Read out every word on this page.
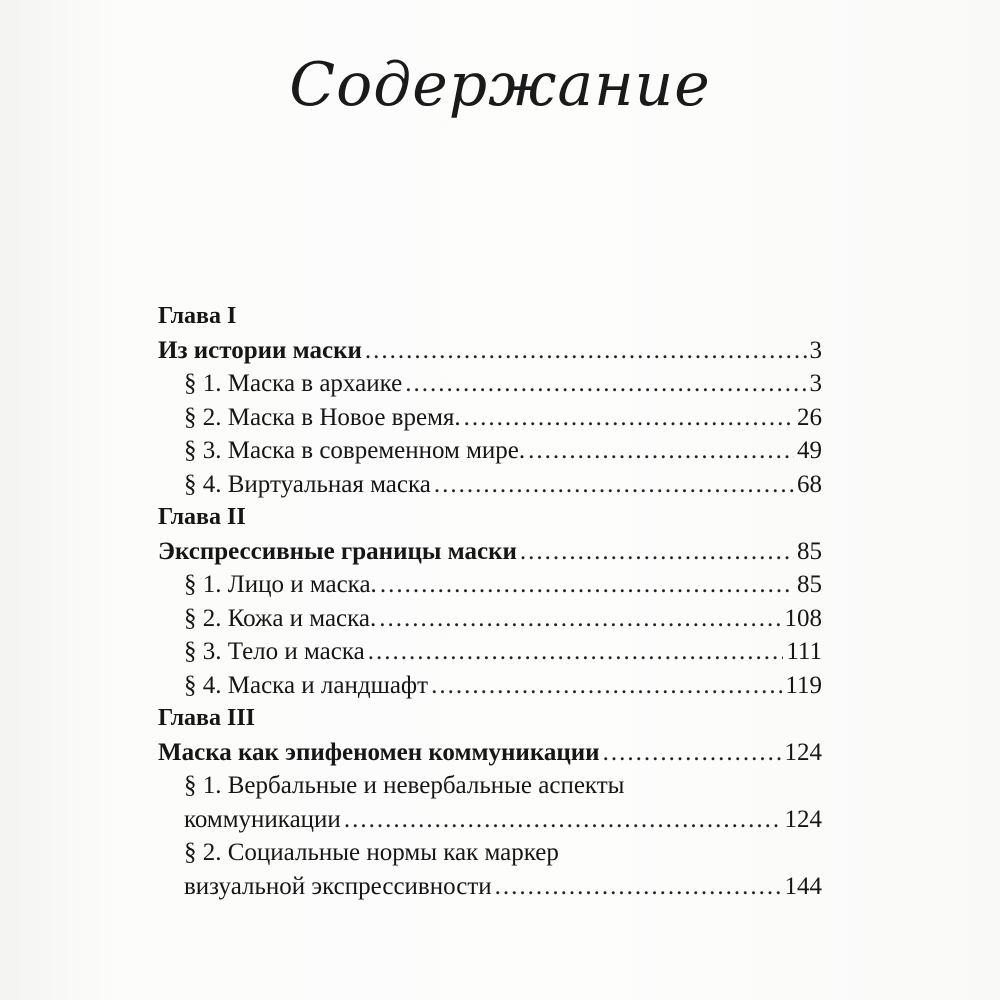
Содержание
Глава I
Из истории маски .....	3
§ 1. Маска в архаике .....	3
§ 2. Маска в Новое время. .....	26
§ 3. Маска в современном мире. .....	49
§ 4. Виртуальная маска .....	68
Глава II
Экспрессивные границы маски .....	85
§ 1. Лицо и маска. .....	85
§ 2. Кожа и маска. .....	108
§ 3. Тело и маска .....	111
§ 4. Маска и ландшафт .....	119
Глава III
Маска как эпифеномен коммуникации .....	124
§ 1. Вербальные и невербальные аспекты
коммуникации .....	124
§ 2. Социальные нормы как маркер
визуальной экспрессивности .....	144
